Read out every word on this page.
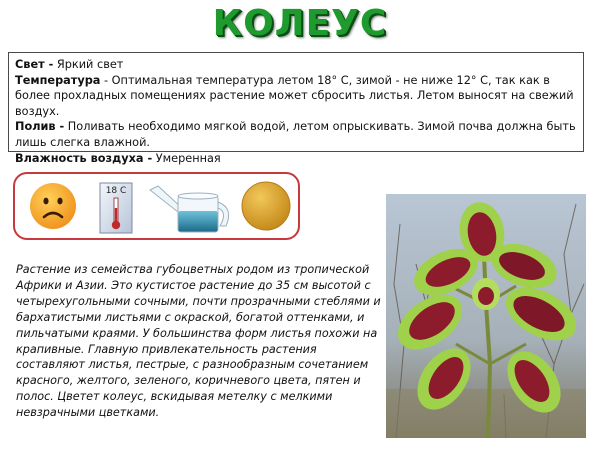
КОЛЕУС

Свет - Яркий свет

Температура - Оптимальная температура летом 18° С, зимой - не ниже 12° С, так как в более прохладных помещениях растение может сбросить листья. Летом выносят на свежий воздух.

Полив - Поливать необходимо мягкой водой, летом опрыскивать. Зимой почва должна быть лишь слегка влажной.

Влажность воздуха - Умеренная

18 С
Растение из семейства губоцветных родом из тропической Африки и Азии. Это кустистое растение до 35 см высотой с четырехугольными сочными, почти прозрачными стеблями и бархатистыми листьями с окраской, богатой оттенками, и пильчатыми краями. У большинства форм листья похожи на крапивные. Главную привлекательность растения составляют листья, пестрые, с разнообразным сочетанием красного, желтого, зеленого, коричневого цвета, пятен и полос. Цветет колеус, вскидывая метелку с мелкими невзрачными цветками.
